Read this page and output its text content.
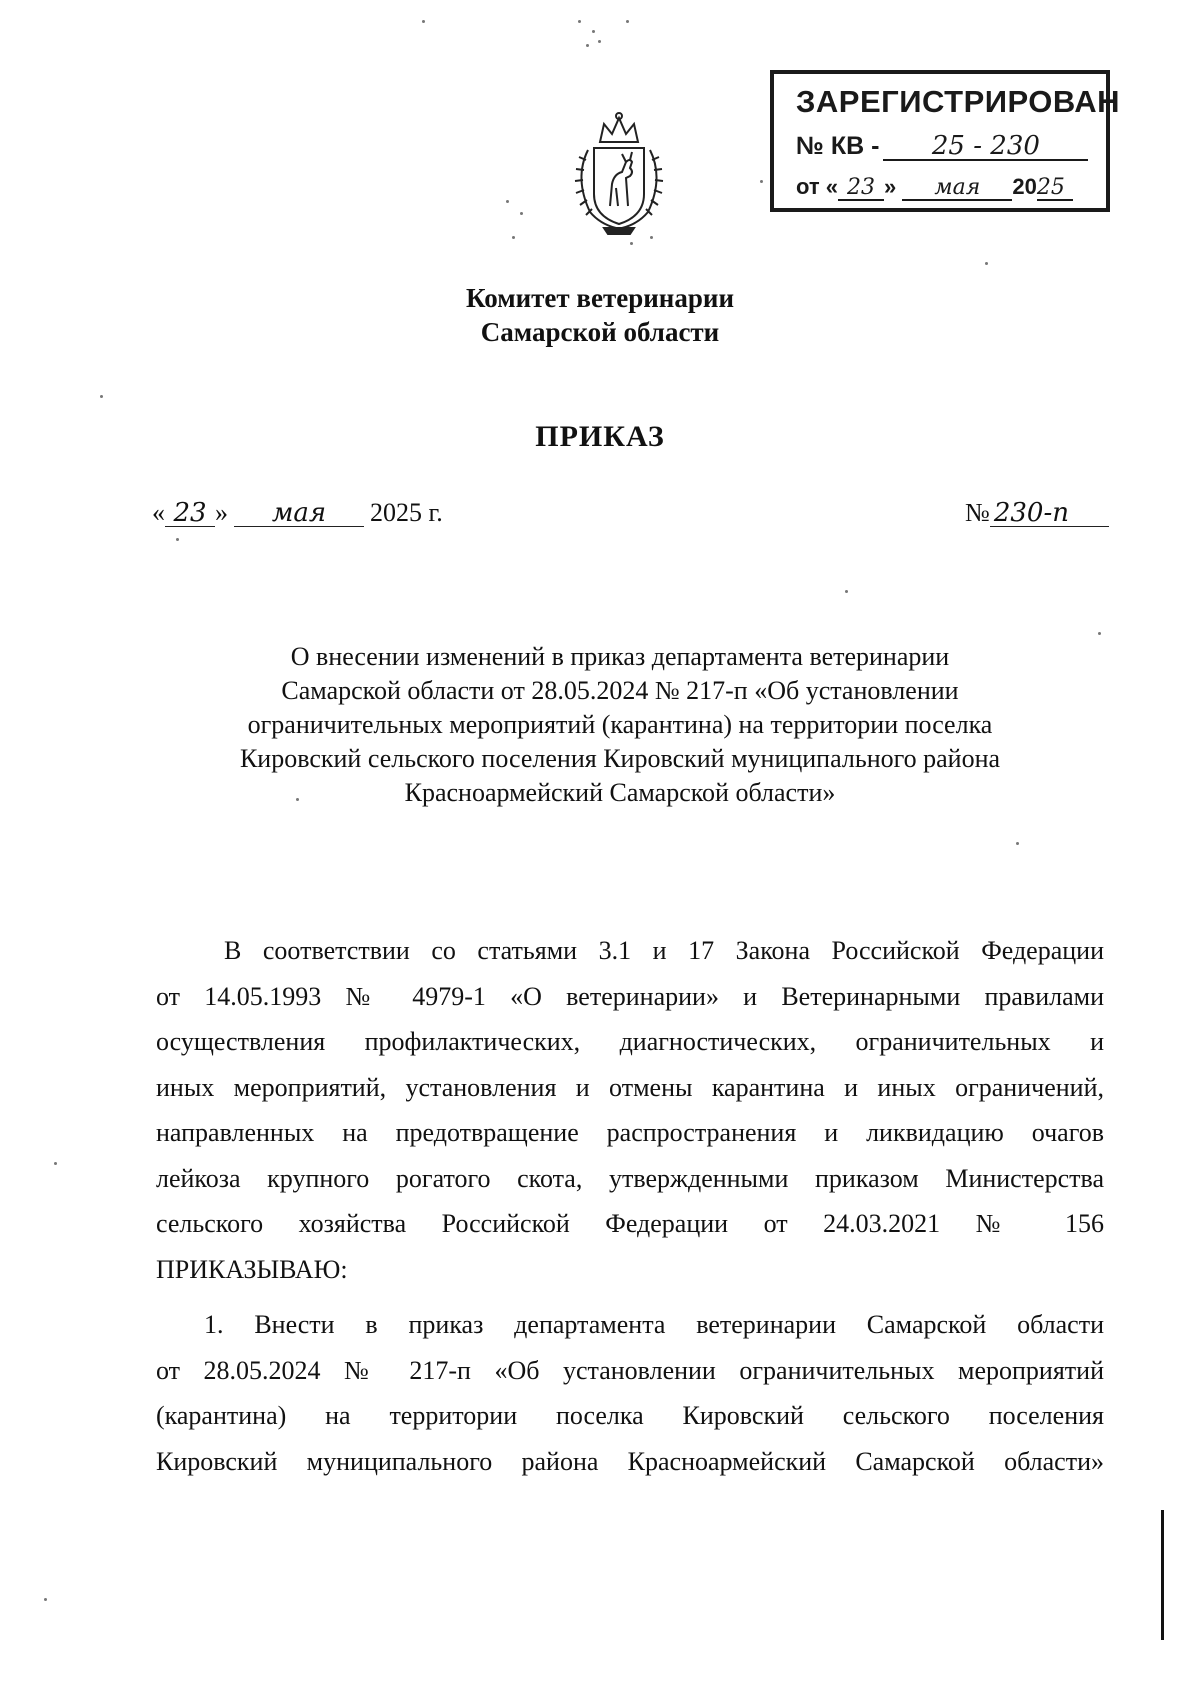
ЗАРЕГИСТРИРОВАН
№ КВ - 25 - 230
от « 23 » мая 2025
Комитет ветеринарии
Самарской области
ПРИКАЗ
« 23 » мая 2025 г.	№ 230-п
О внесении изменений в приказ департамента ветеринарии
Самарской области от 28.05.2024 № 217-п «Об установлении
ограничительных мероприятий (карантина) на территории поселка
Кировский сельского поселения Кировский муниципального района
Красноармейский Самарской области»
В соответствии со статьями 3.1 и 17 Закона Российской Федерации
от 14.05.1993 № 4979-1 «О ветеринарии» и Ветеринарными правилами
осуществления профилактических, диагностических, ограничительных и
иных мероприятий, установления и отмены карантина и иных ограничений,
направленных на предотвращение распространения и ликвидацию очагов
лейкоза крупного рогатого скота, утвержденными приказом Министерства
сельского хозяйства Российской Федерации от 24.03.2021 № 156
ПРИКАЗЫВАЮ:
1. Внести в приказ департамента ветеринарии Самарской области
от 28.05.2024 № 217-п «Об установлении ограничительных мероприятий
(карантина) на территории поселка Кировский сельского поселения
Кировский муниципального района Красноармейский Самарской области»
